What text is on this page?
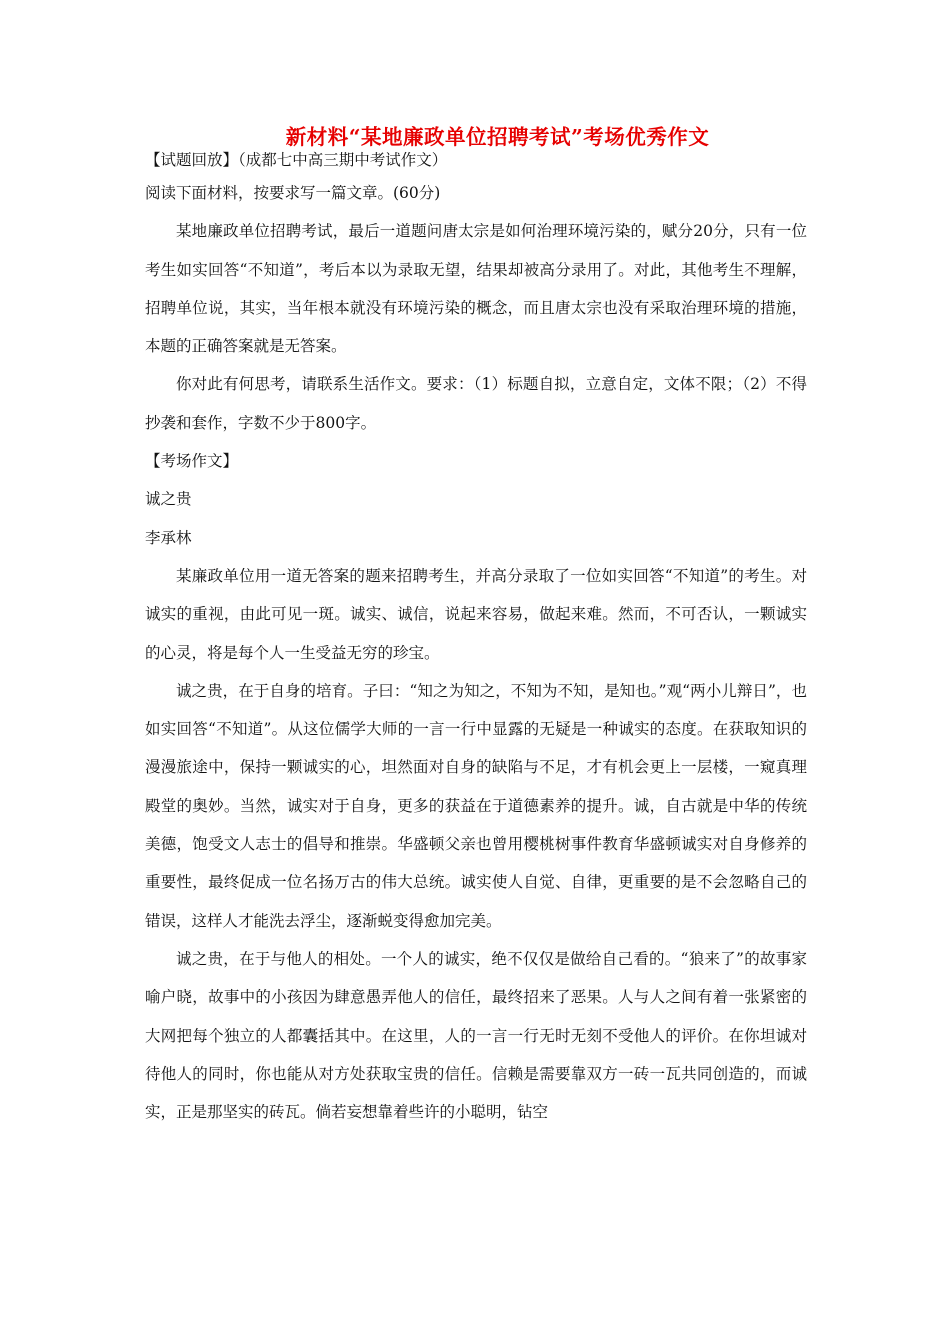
新材料“某地廉政单位招聘考试”考场优秀作文

【试题回放】（成都七中高三期中考试作文）

阅读下面材料，按要求写一篇文章。(60分)

某地廉政单位招聘考试，最后一道题问唐太宗是如何治理环境污染的，赋分20分，只有一位考生如实回答“不知道”，考后本以为录取无望，结果却被高分录用了。对此，其他考生不理解，招聘单位说，其实，当年根本就没有环境污染的概念，而且唐太宗也没有采取治理环境的措施，本题的正确答案就是无答案。

你对此有何思考，请联系生活作文。要求：（1）标题自拟，立意自定，文体不限；（2）不得抄袭和套作，字数不少于800字。

【考场作文】

诚之贵

李承林

某廉政单位用一道无答案的题来招聘考生，并高分录取了一位如实回答“不知道”的考生。对诚实的重视，由此可见一斑。诚实、诚信，说起来容易，做起来难。然而，不可否认，一颗诚实的心灵，将是每个人一生受益无穷的珍宝。

诚之贵，在于自身的培育。子曰：“知之为知之，不知为不知，是知也。”观“两小儿辩日”，也如实回答“不知道”。从这位儒学大师的一言一行中显露的无疑是一种诚实的态度。在获取知识的漫漫旅途中，保持一颗诚实的心，坦然面对自身的缺陷与不足，才有机会更上一层楼，一窥真理殿堂的奥妙。当然，诚实对于自身，更多的获益在于道德素养的提升。诚，自古就是中华的传统美德，饱受文人志士的倡导和推崇。华盛顿父亲也曾用樱桃树事件教育华盛顿诚实对自身修养的重要性，最终促成一位名扬万古的伟大总统。诚实使人自觉、自律，更重要的是不会忽略自己的错误，这样人才能洗去浮尘，逐渐蜕变得愈加完美。

诚之贵，在于与他人的相处。一个人的诚实，绝不仅仅是做给自己看的。“狼来了”的故事家喻户晓，故事中的小孩因为肆意愚弄他人的信任，最终招来了恶果。人与人之间有着一张紧密的大网把每个独立的人都囊括其中。在这里，人的一言一行无时无刻不受他人的评价。在你坦诚对待他人的同时，你也能从对方处获取宝贵的信任。信赖是需要靠双方一砖一瓦共同创造的，而诚实，正是那坚实的砖瓦。倘若妄想靠着些许的小聪明，钻空
